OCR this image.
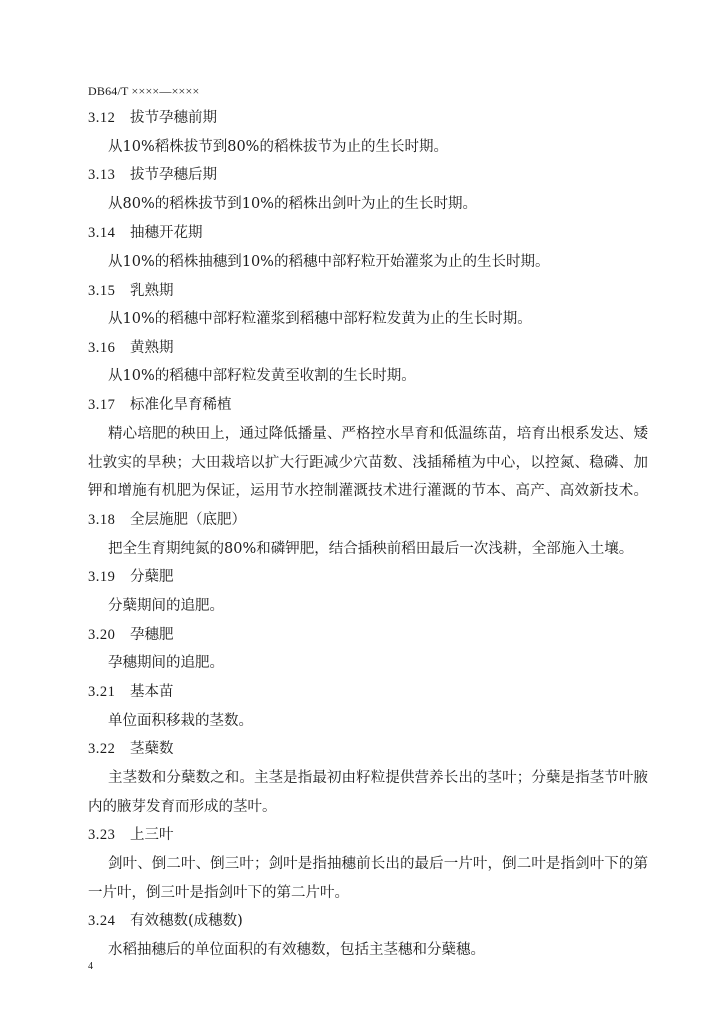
DB64/T ××××—××××
3.12 拔节孕穗前期
从10%稻株拔节到80%的稻株拔节为止的生长时期。
3.13 拔节孕穗后期
从80%的稻株拔节到10%的稻株出剑叶为止的生长时期。
3.14 抽穗开花期
从10%的稻株抽穗到10%的稻穗中部籽粒开始灌浆为止的生长时期。
3.15 乳熟期
从10%的稻穗中部籽粒灌浆到稻穗中部籽粒发黄为止的生长时期。
3.16 黄熟期
从10%的稻穗中部籽粒发黄至收割的生长时期。
3.17 标准化旱育稀植
精心培肥的秧田上，通过降低播量、严格控水旱育和低温练苗，培育出根系发达、矮
壮敦实的旱秧；大田栽培以扩大行距减少穴苗数、浅插稀植为中心，以控氮、稳磷、加
钾和增施有机肥为保证，运用节水控制灌溉技术进行灌溉的节本、高产、高效新技术。
3.18 全层施肥（底肥）
把全生育期纯氮的80%和磷钾肥，结合插秧前稻田最后一次浅耕，全部施入土壤。
3.19 分蘖肥
分蘖期间的追肥。
3.20 孕穗肥
孕穗期间的追肥。
3.21 基本苗
单位面积移栽的茎数。
3.22 茎蘖数
主茎数和分蘖数之和。主茎是指最初由籽粒提供营养长出的茎叶；分蘖是指茎节叶腋
内的腋芽发育而形成的茎叶。
3.23 上三叶
剑叶、倒二叶、倒三叶；剑叶是指抽穗前长出的最后一片叶，倒二叶是指剑叶下的第
一片叶，倒三叶是指剑叶下的第二片叶。
3.24 有效穗数(成穗数)
水稻抽穗后的单位面积的有效穗数，包括主茎穗和分蘖穗。
4
